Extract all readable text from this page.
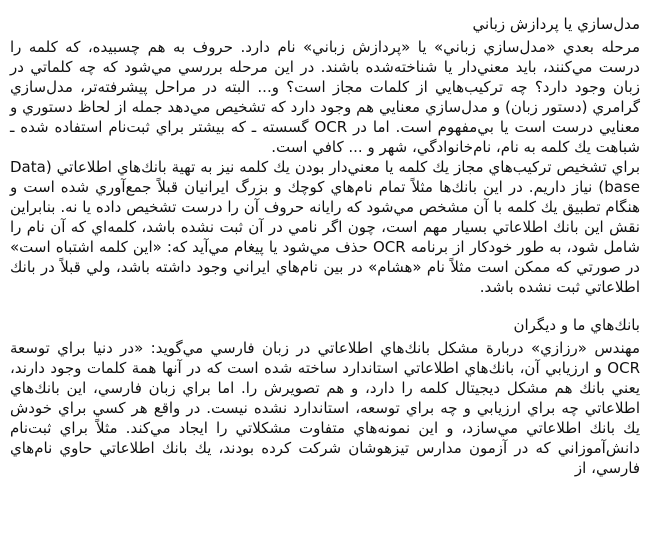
مدل‌سازي يا پردازش زباني

مرحله بعدي «مدل‌سازي زباني» يا «پردازش زباني» نام دارد. حروف به هم چسبيده، كه كلمه را درست مي‌كنند، بايد معني‌دار يا شناخته‌شده باشند. در اين مرحله بررسي مي‌شود كه چه كلماتي در زبان وجود دارد؟ چه تركيب‌هايي از كلمات مجاز است؟ و... البته در مراحل پيشرفته‌تر، مدل‌سازي گرامري (دستور زبان) و مدل‌سازي معنايي هم وجود دارد كه تشخيص مي‌دهد جمله از لحاظ دستوري و معنايي درست است يا بي‌مفهوم است. اما در OCR گسسته ـ كه بيشتر براي ثبت‌نام استفاده شده ـ شباهت يك كلمه به نام، نام‌خانوادگي، شهر و ... كافي است.

براي تشخيص تركيب‌هاي مجاز يك كلمه يا معني‌دار بودن يك كلمه نيز به تهية بانك‌هاي اطلاعاتي (Data base) نياز داريم. در اين بانك‌ها مثلاً تمام نام‌هاي كوچك و بزرگ ايرانيان قبلاً جمع‌آوري شده است و هنگام تطبيق يك كلمه با آن مشخص مي‌شود كه رايانه حروف آن را درست تشخيص داده يا نه. بنابراين نقش اين بانك اطلاعاتي بسيار مهم است، چون اگر نامي در آن ثبت نشده باشد، كلمه‌اي كه آن نام را شامل شود، به طور خودكار از برنامه OCR حذف مي‌شود يا پيغام مي‌آيد كه: «اين كلمه اشتباه است» در صورتي كه ممكن است مثلاً نام «هشام» در بين نام‌هاي ايراني وجود داشته باشد، ولي قبلاً در بانك اطلاعاتي ثبت نشده باشد.

بانك‌هاي ما و ديگران

مهندس «رزازي» دربارة مشكل بانك‌هاي اطلاعاتي در زبان فارسي مي‌گويد: «در دنيا براي توسعة OCR و ارزيابي آن، بانك‌هاي اطلاعاتي استاندارد ساخته شده است كه در آنها همة كلمات وجود دارند، يعني بانك هم مشكل ديجيتال كلمه را دارد، و هم تصويرش را. اما براي زبان فارسي، اين بانك‌هاي اطلاعاتي چه براي ارزيابي و چه براي توسعه، استاندارد نشده نيست. در واقع هر كسي براي خودش يك بانك اطلاعاتي مي‌سازد، و اين نمونه‌هاي متفاوت مشكلاتي را ايجاد مي‌كند. مثلاً براي ثبت‌نام دانش‌آموزاني كه در آزمون مدارس تيزهوشان شركت كرده بودند، يك بانك اطلاعاتي حاوي نام‌هاي فارسي، از
